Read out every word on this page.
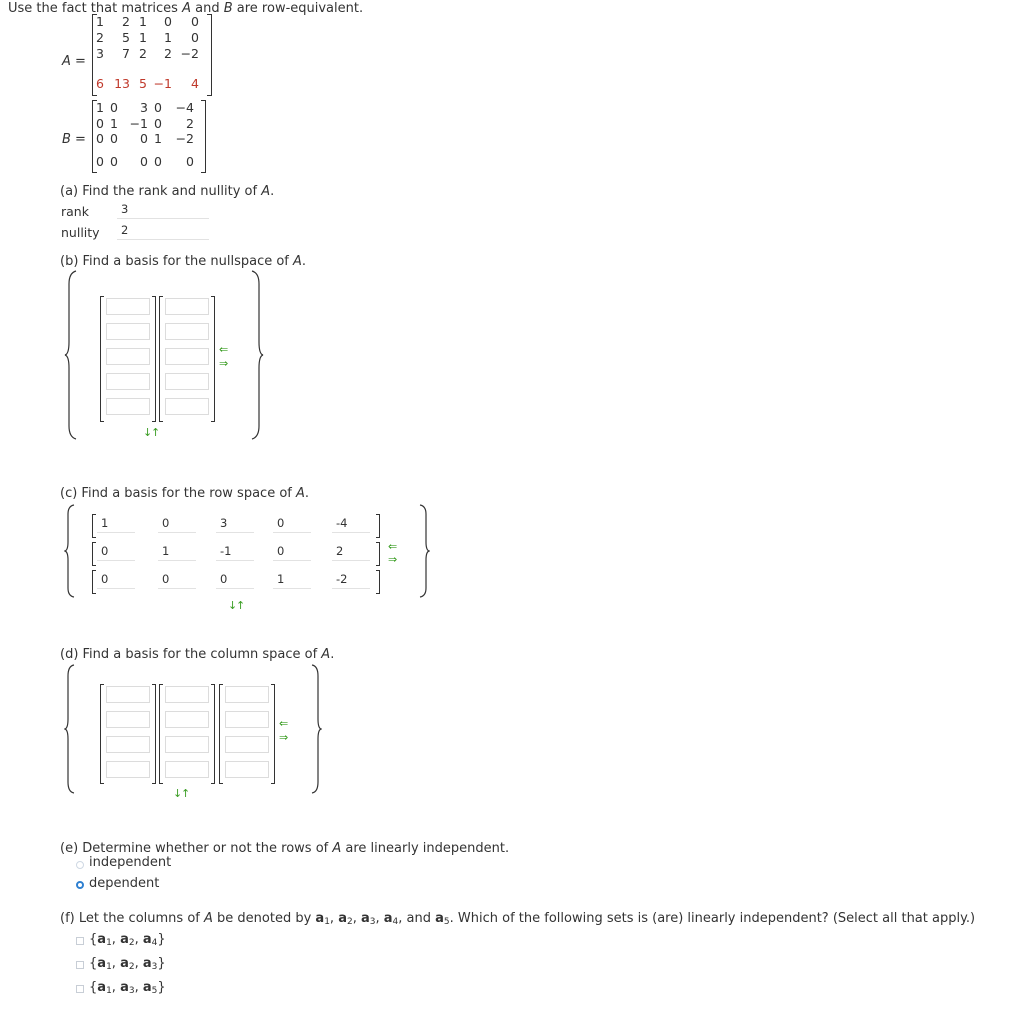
Use the fact that matrices A and B are row-equivalent.
A =
1	2 1	0	0
2	5 1	1	0
3	7 2	2 −2
6 13 5 −1	4
B =
1 0	3 0	−4
0 1 −1 0	2
0 0	0 1	−2
0 0	0 0	0
(a) Find the rank and nullity of A.
rank	3
nullity	2
(b) Find a basis for the nullspace of A.
⇐
⇒
↓
↑
(c) Find a basis for the row space of A.
1	0	3	0	-4
0	1	-1	0	2
0	0	0	1	-2
⇐
⇒
↓
↑
(d) Find a basis for the column space of A.
⇐
⇒
↓
↑
(e) Determine whether or not the rows of A are linearly independent.
independent
dependent
(f) Let the columns of A be denoted by $a_1$, $a_2$, $a_3$, $a_4$, and $a_5$. Which of the following sets is (are) linearly independent? (Select all that apply.)
{$a_1$, $a_2$, $a_4$}
{$a_1$, $a_2$, $a_3$}
{$a_1$, $a_3$, $a_5$}
